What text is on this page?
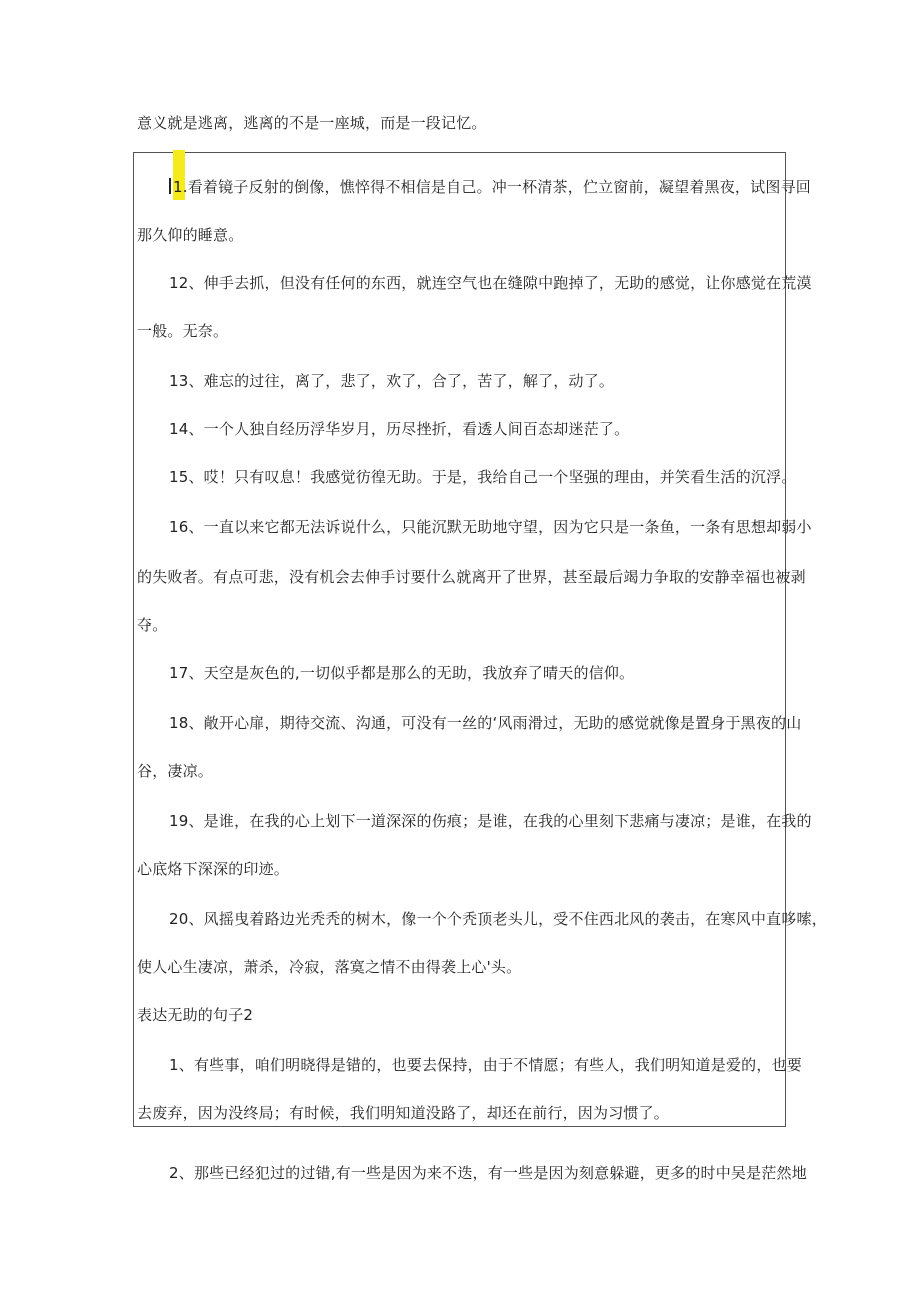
意义就是逃离，逃离的不是一座城，而是一段记忆。
1.看着镜子反射的倒像，憔悴得不相信是自己。冲一杯清茶，伫立窗前，凝望着黑夜，试图寻回
那久仰的睡意。
12、伸手去抓，但没有任何的东西，就连空气也在缝隙中跑掉了，无助的感觉，让你感觉在荒漠
一般。无奈。
13、难忘的过往，离了，悲了，欢了，合了，苦了，解了，动了。
14、一个人独自经历浮华岁月，历尽挫折，看透人间百态却迷茫了。
15、哎！只有叹息！我感觉彷徨无助。于是，我给自己一个坚强的理由，并笑看生活的沉浮。
16、一直以来它都无法诉说什么，只能沉默无助地守望，因为它只是一条鱼，一条有思想却弱小
的失败者。有点可悲，没有机会去伸手讨要什么就离开了世界，甚至最后竭力争取的安静幸福也被剥
夺。
17、天空是灰色的,一切似乎都是那么的无助，我放弃了晴天的信仰。
18、敞开心扉，期待交流、沟通，可没有一丝的‘风雨滑过，无助的感觉就像是置身于黑夜的山
谷，凄凉。
19、是谁，在我的心上划下一道深深的伤痕；是谁，在我的心里刻下悲痛与凄凉；是谁，在我的
心底烙下深深的印迹。
20、风摇曳着路边光秃秃的树木，像一个个秃顶老头儿，受不住西北风的袭击，在寒风中直哆嗦，
使人心生凄凉，萧杀，冷寂，落寞之情不由得袭上心'头。
表达无助的句子2
1、有些事，咱们明晓得是错的，也要去保持，由于不情愿；有些人，我们明知道是爱的，也要
去废弃，因为没终局；有时候，我们明知道没路了，却还在前行，因为习惯了。
2、那些已经犯过的过错,有一些是因为来不迭，有一些是因为刻意躲避，更多的时中吴是茫然地
